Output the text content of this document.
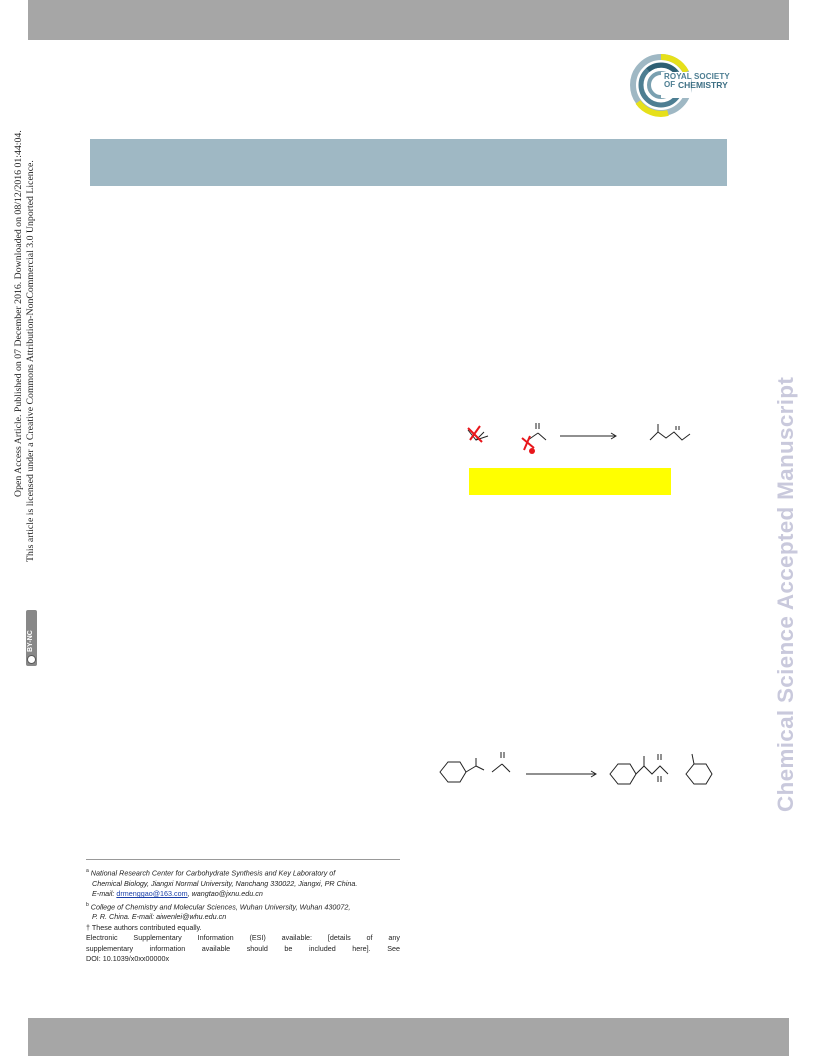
ROYAL SOCIETY
OF CHEMISTRY
Open Access Article. Published on 07 December 2016. Downloaded on 08/12/2016 01:44:04. This article is licensed under a Creative Commons Attribution-NonCommercial 3.0 Unported Licence.
BY-NC	Chemical Science Accepted Manuscript

$^a$ National Research Center for Carbohydrate Synthesis and Key Laboratory of

Chemical Biology, Jiangxi Normal University, Nanchang 330022, Jiangxi, PR China.

E-mail: drmenggao@163.com, wangtao@jxnu.edu.cn

$^b$ College of Chemistry and Molecular Sciences, Wuhan University, Wuhan 430072,

P. R. China. E-mail: aiwenlei@whu.edu.cn

† These authors contributed equally.

Electronic Supplementary Information (ESI) available: [details of any

supplementary information available should be included here]. See

DOI: 10.1039/x0xx00000x
